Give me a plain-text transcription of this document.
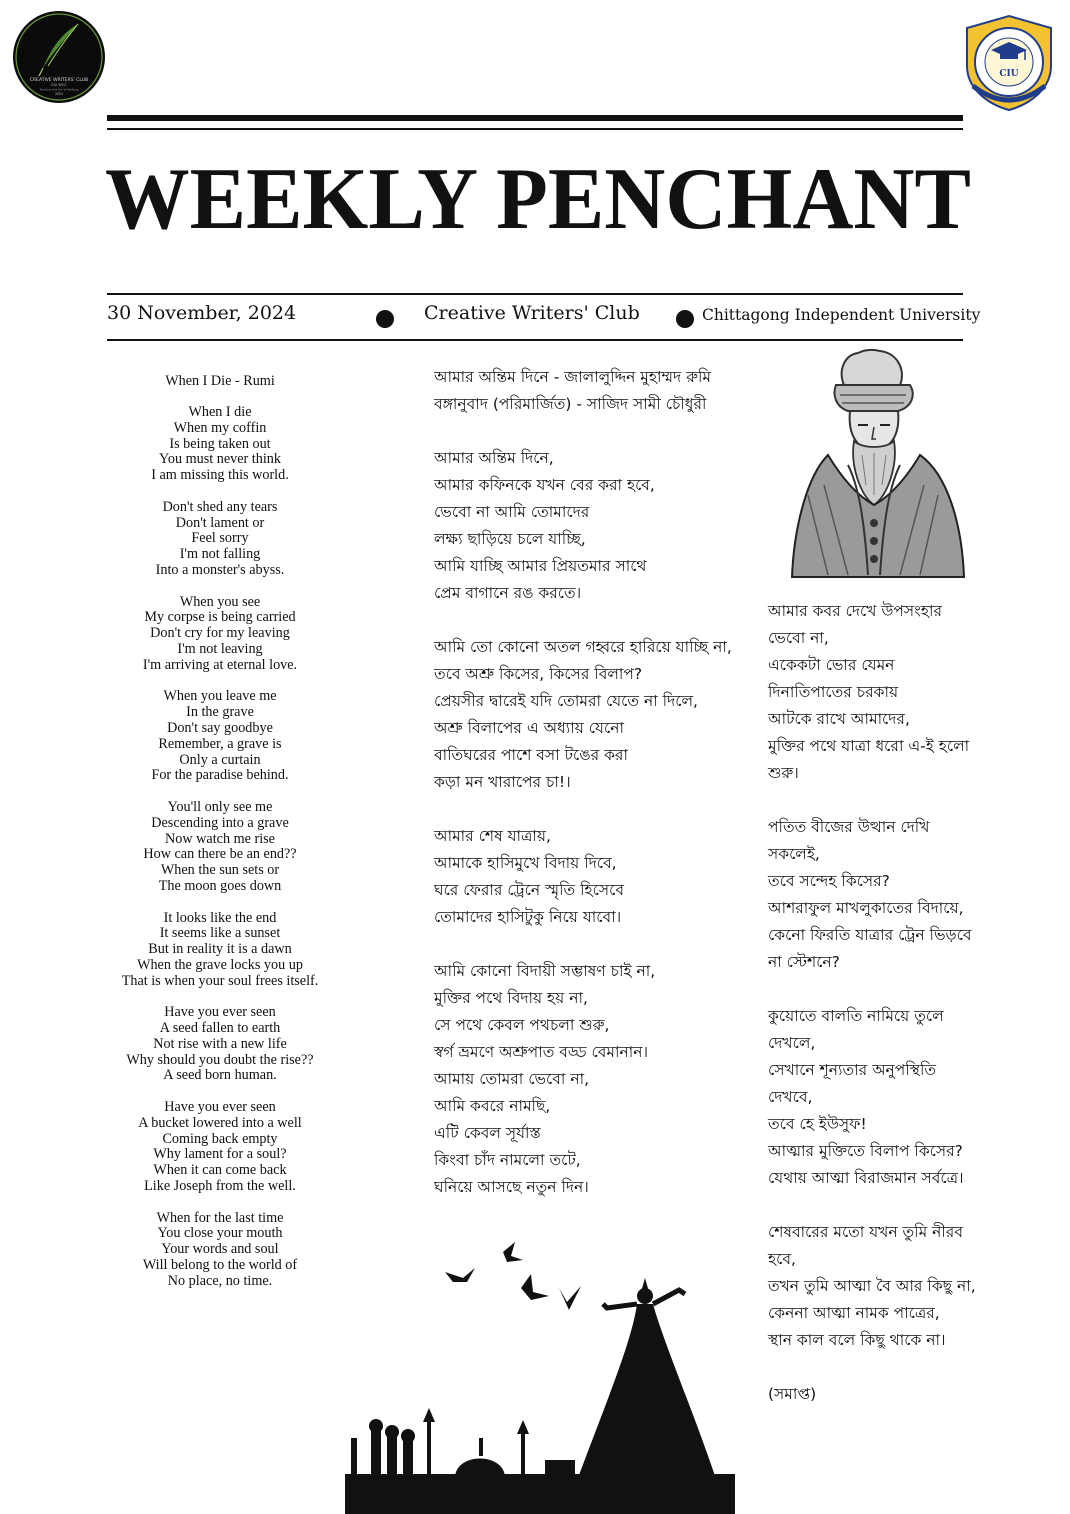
CREATIVE WRITERS' CLUB
CIU WCC
Nurture the Art of Writing
2024
CIU
WEEKLY PENCHANT
30 November, 2024	Creative Writers' Club	Chittagong Independent University
When I Die - Rumi

When I die
When my coffin
Is being taken out
You must never think
I am missing this world.

Don't shed any tears
Don't lament or
Feel sorry
I'm not falling
Into a monster's abyss.

When you see
My corpse is being carried
Don't cry for my leaving
I'm not leaving
I'm arriving at eternal love.

When you leave me
In the grave
Don't say goodbye
Remember, a grave is
Only a curtain
For the paradise behind.

You'll only see me
Descending into a grave
Now watch me rise
How can there be an end??
When the sun sets or
The moon goes down

It looks like the end
It seems like a sunset
But in reality it is a dawn
When the grave locks you up
That is when your soul frees itself.

Have you ever seen
A seed fallen to earth
Not rise with a new life
Why should you doubt the rise??
A seed born human.

Have you ever seen
A bucket lowered into a well
Coming back empty
Why lament for a soul?
When it can come back
Like Joseph from the well.

When for the last time
You close your mouth
Your words and soul
Will belong to the world of
No place, no time.

আমার অন্তিম দিনে - জালালুদ্দিন মুহাম্মদ রুমি
বঙ্গানুবাদ (পরিমার্জিত) - সাজিদ সামী চৌধুরী

আমার অন্তিম দিনে,
আমার কফিনকে যখন বের করা হবে,
ভেবো না আমি তোমাদের
লক্ষ্য ছাড়িয়ে চলে যাচ্ছি,
আমি যাচ্ছি আমার প্রিয়তমার সাথে
প্রেম বাগানে রঙ করতে।

আমি তো কোনো অতল গহ্বরে হারিয়ে যাচ্ছি না,
তবে অশ্রু কিসের, কিসের বিলাপ?
প্রেয়সীর দ্বারেই যদি তোমরা যেতে না দিলে,
অশ্রু বিলাপের এ অধ্যায় যেনো
বাতিঘরের পাশে বসা টঙের করা
কড়া মন খারাপের চা!।

আমার শেষ যাত্রায়,
আমাকে হাসিমুখে বিদায় দিবে,
ঘরে ফেরার ট্রেনে স্মৃতি হিসেবে
তোমাদের হাসিটুকু নিয়ে যাবো।

আমি কোনো বিদায়ী সম্ভাষণ চাই না,
মুক্তির পথে বিদায় হয় না,
সে পথে কেবল পথচলা শুরু,
স্বর্গ ভ্রমণে অশ্রুপাত বড্ড বেমানান।
আমায় তোমরা ভেবো না,
আমি কবরে নামছি,
এটি কেবল সূর্যাস্ত
কিংবা চাঁদ নামলো তটে,
ঘনিয়ে আসছে নতুন দিন।

আমার কবর দেখে উপসংহার
ভেবো না,
একেকটা ভোর যেমন
দিনাতিপাতের চরকায়
আটকে রাখে আমাদের,
মুক্তির পথে যাত্রা ধরো এ-ই হলো
শুরু।

পতিত বীজের উত্থান দেখি
সকলেই,
তবে সন্দেহ কিসের?
আশরাফুল মাখলুকাতের বিদায়ে,
কেনো ফিরতি যাত্রার ট্রেন ভিড়বে
না স্টেশনে?

কুয়োতে বালতি নামিয়ে তুলে
দেখলে,
সেখানে শূন্যতার অনুপস্থিতি
দেখবে,
তবে হে ইউসুফ!
আত্মার মুক্তিতে বিলাপ কিসের?
যেথায় আত্মা বিরাজমান সর্বত্রে।

শেষবারের মতো যখন তুমি নীরব
হবে,
তখন তুমি আত্মা বৈ আর কিছু না,
কেননা আত্মা নামক পাত্রের,
স্থান কাল বলে কিছু থাকে না।

(সমাপ্ত)
